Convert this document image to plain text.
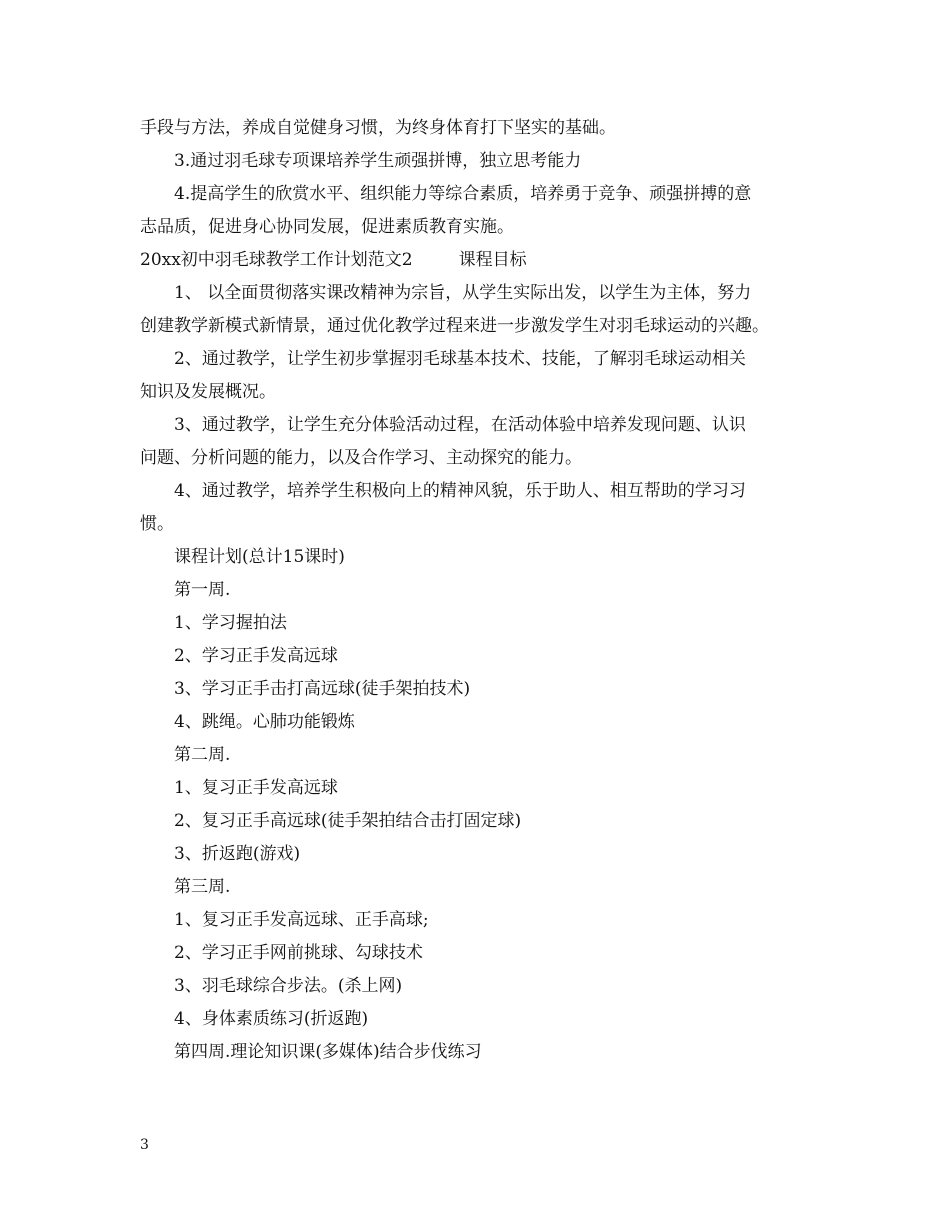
手段与方法，养成自觉健身习惯，为终身体育打下坚实的基础。
3.通过羽毛球专项课培养学生顽强拼博，独立思考能力
4.提高学生的欣赏水平、组织能力等综合素质，培养勇于竞争、顽强拼搏的意
志品质，促进身心协同发展，促进素质教育实施。
20xx初中羽毛球教学工作计划范文2	课程目标
1、 以全面贯彻落实课改精神为宗旨，从学生实际出发，以学生为主体，努力
创建教学新模式新情景，通过优化教学过程来进一步激发学生对羽毛球运动的兴趣。
2、通过教学，让学生初步掌握羽毛球基本技术、技能，了解羽毛球运动相关
知识及发展概况。
3、通过教学，让学生充分体验活动过程，在活动体验中培养发现问题、认识
问题、分析问题的能力，以及合作学习、主动探究的能力。
4、通过教学，培养学生积极向上的精神风貌，乐于助人、相互帮助的学习习
惯。
课程计划(总计15课时)
第一周.
1、学习握拍法
2、学习正手发高远球
3、学习正手击打高远球(徒手架拍技术)
4、跳绳。心肺功能锻炼
第二周.
1、复习正手发高远球
2、复习正手高远球(徒手架拍结合击打固定球)
3、折返跑(游戏)
第三周.
1、复习正手发高远球、正手高球;
2、学习正手网前挑球、勾球技术
3、羽毛球综合步法。(杀上网)
4、身体素质练习(折返跑)
第四周.理论知识课(多媒体)结合步伐练习
3
